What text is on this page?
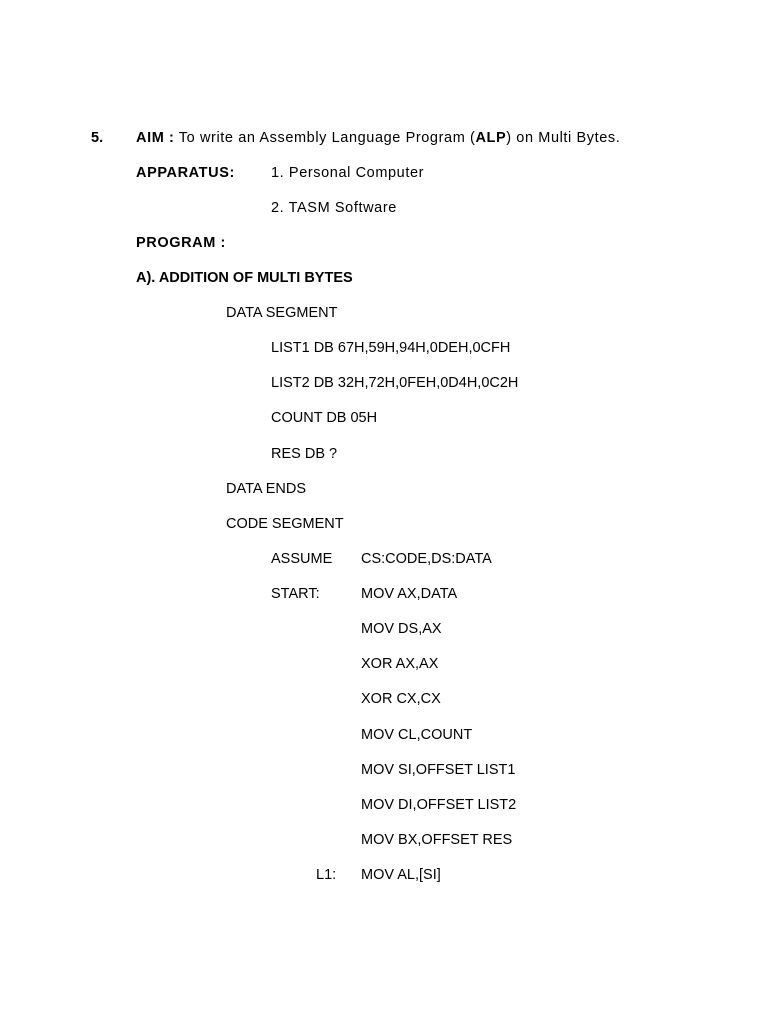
5. AIM : To write an Assembly Language Program (ALP) on Multi Bytes.
APPARATUS: 1. Personal Computer
2. TASM Software
PROGRAM :
A). ADDITION OF MULTI BYTES
DATA SEGMENT
LIST1 DB 67H,59H,94H,0DEH,0CFH
LIST2 DB 32H,72H,0FEH,0D4H,0C2H
COUNT DB 05H
RES DB ?
DATA ENDS
CODE SEGMENT
ASSUME CS:CODE,DS:DATA
START:	MOV AX,DATA
MOV DS,AX
XOR AX,AX
XOR CX,CX
MOV CL,COUNT
MOV SI,OFFSET LIST1
MOV DI,OFFSET LIST2
MOV BX,OFFSET RES
L1: MOV AL,[SI]
